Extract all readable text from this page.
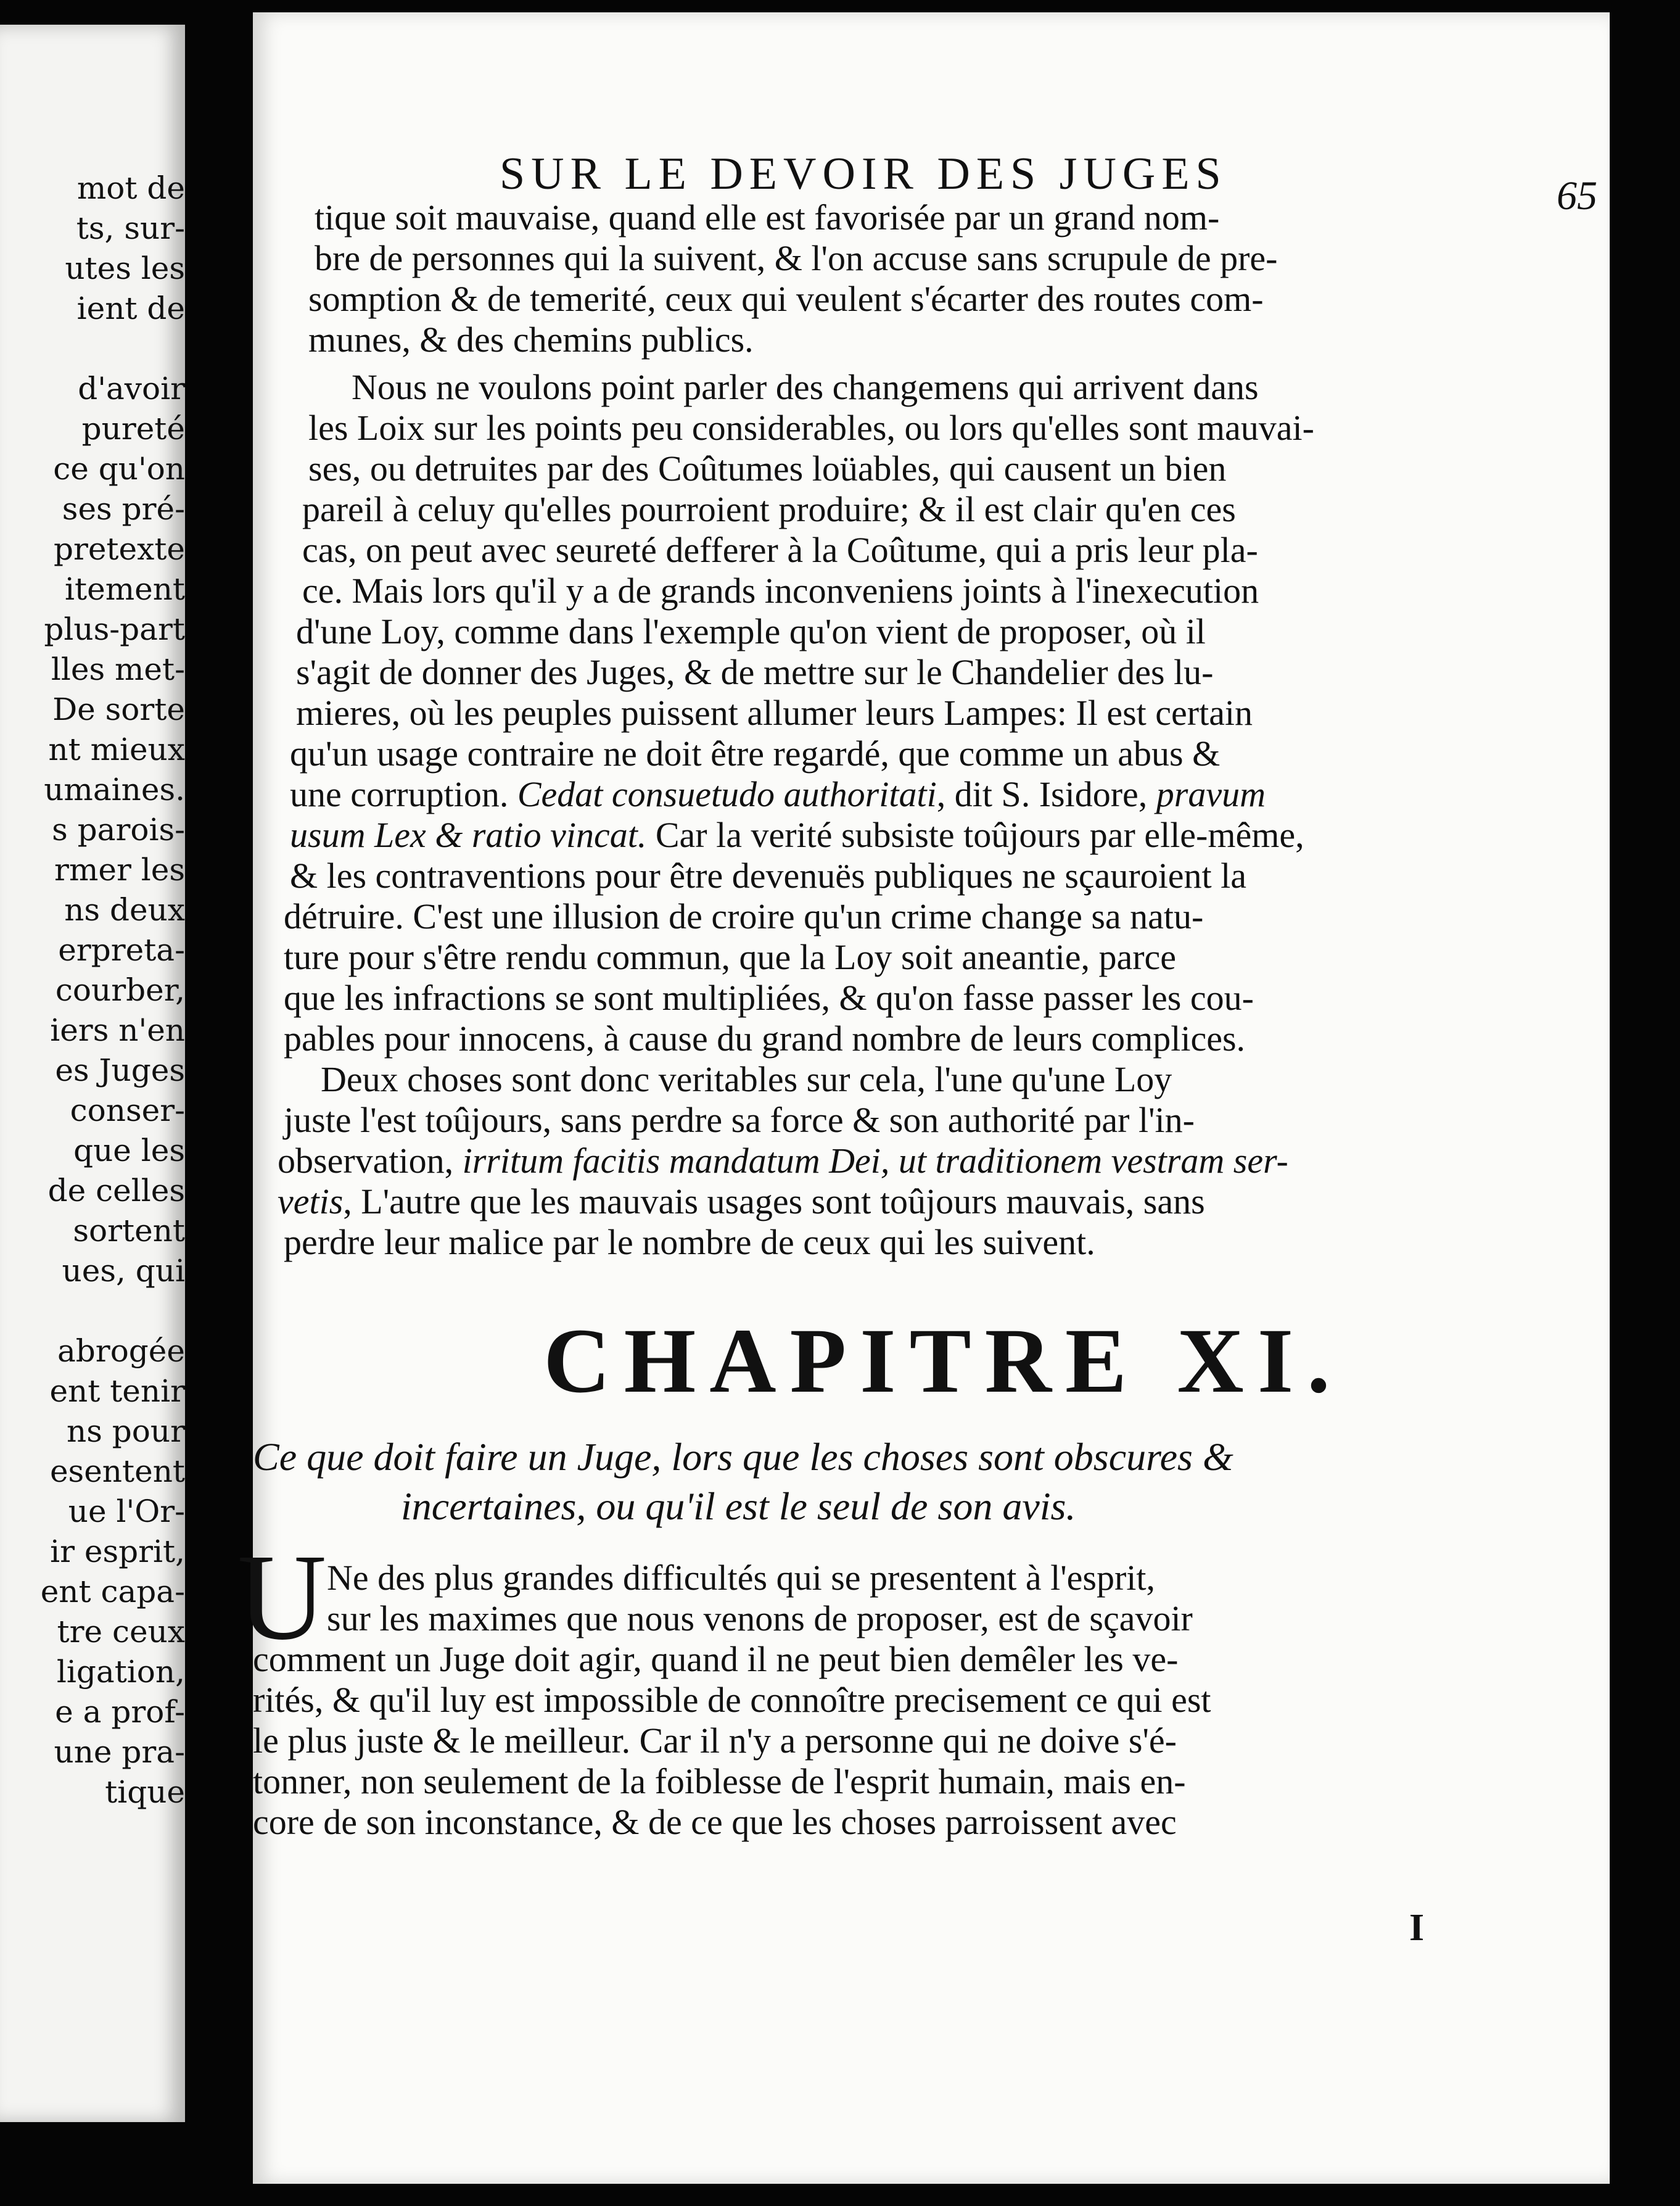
mot de
ts, sur-
utes les
ient de
d'avoir
pureté
ce qu'on
ses pré-
pretexte
itement
plus-part
lles met-
De sorte
nt mieux
umaines.
s parois-
rmer les
ns deux
erpreta-
courber,
iers n'en
es Juges
conser-
que les
de celles
sortent
ues, qui
abrogée
ent tenir
ns pour
esentent
ue l'Or-
ir esprit,
ent capa-
tre ceux
ligation,
e a prof-
une pra-
tique
SUR LE DEVOIR DES JUGES	65
tique soit mauvaise, quand elle est favorisée par un grand nom-
bre de personnes qui la suivent, & l'on accuse sans scrupule de pre-
somption & de temerité, ceux qui veulent s'écarter des routes com-
munes, & des chemins publics.
Nous ne voulons point parler des changemens qui arrivent dans
les Loix sur les points peu considerables, ou lors qu'elles sont mauvai-
ses, ou detruites par des Coûtumes loüables, qui causent un bien
pareil à celuy qu'elles pourroient produire; & il est clair qu'en ces
cas, on peut avec seureté defferer à la Coûtume, qui a pris leur pla-
ce. Mais lors qu'il y a de grands inconveniens joints à l'inexecution
d'une Loy, comme dans l'exemple qu'on vient de proposer, où il
s'agit de donner des Juges, & de mettre sur le Chandelier des lu-
mieres, où les peuples puissent allumer leurs Lampes: Il est certain
qu'un usage contraire ne doit être regardé, que comme un abus &
une corruption. Cedat consuetudo authoritati, dit S. Isidore, pravum
usum Lex & ratio vincat. Car la verité subsiste toûjours par elle-même,
& les contraventions pour être devenuës publiques ne sçauroient la
détruire. C'est une illusion de croire qu'un crime change sa natu-
ture pour s'être rendu commun, que la Loy soit aneantie, parce
que les infractions se sont multipliées, & qu'on fasse passer les cou-
pables pour innocens, à cause du grand nombre de leurs complices.
Deux choses sont donc veritables sur cela, l'une qu'une Loy
juste l'est toûjours, sans perdre sa force & son authorité par l'in-
observation, irritum facitis mandatum Dei, ut traditionem vestram ser-
vetis, L'autre que les mauvais usages sont toûjours mauvais, sans
perdre leur malice par le nombre de ceux qui les suivent.
CHAPITRE XI.
Ce que doit faire un Juge, lors que les choses sont obscures &
incertaines, ou qu'il est le seul de son avis.
U Ne des plus grandes difficultés qui se presentent à l'esprit,
sur les maximes que nous venons de proposer, est de sçavoir
comment un Juge doit agir, quand il ne peut bien demêler les ve-
rités, & qu'il luy est impossible de connoître precisement ce qui est
le plus juste & le meilleur. Car il n'y a personne qui ne doive s'é-
tonner, non seulement de la foiblesse de l'esprit humain, mais en-
core de son inconstance, & de ce que les choses parroissent avec
I
